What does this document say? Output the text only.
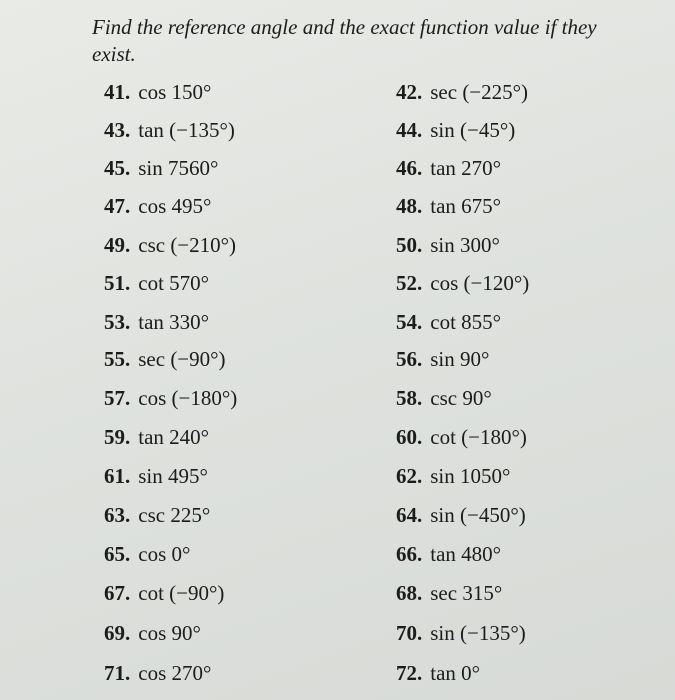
Find the reference angle and the exact function value if they exist.
41. cos 150°	42. sec (−225°)
43. tan (−135°)	44. sin (−45°)
45. sin 7560°	46. tan 270°
47. cos 495°	48. tan 675°
49. csc (−210°)	50. sin 300°
51. cot 570°	52. cos (−120°)
53. tan 330°	54. cot 855°
55. sec (−90°)	56. sin 90°
57. cos (−180°)	58. csc 90°
59. tan 240°	60. cot (−180°)
61. sin 495°	62. sin 1050°
63. csc 225°	64. sin (−450°)
65. cos 0°	66. tan 480°
67. cot (−90°)	68. sec 315°
69. cos 90°	70. sin (−135°)
71. cos 270°	72. tan 0°
